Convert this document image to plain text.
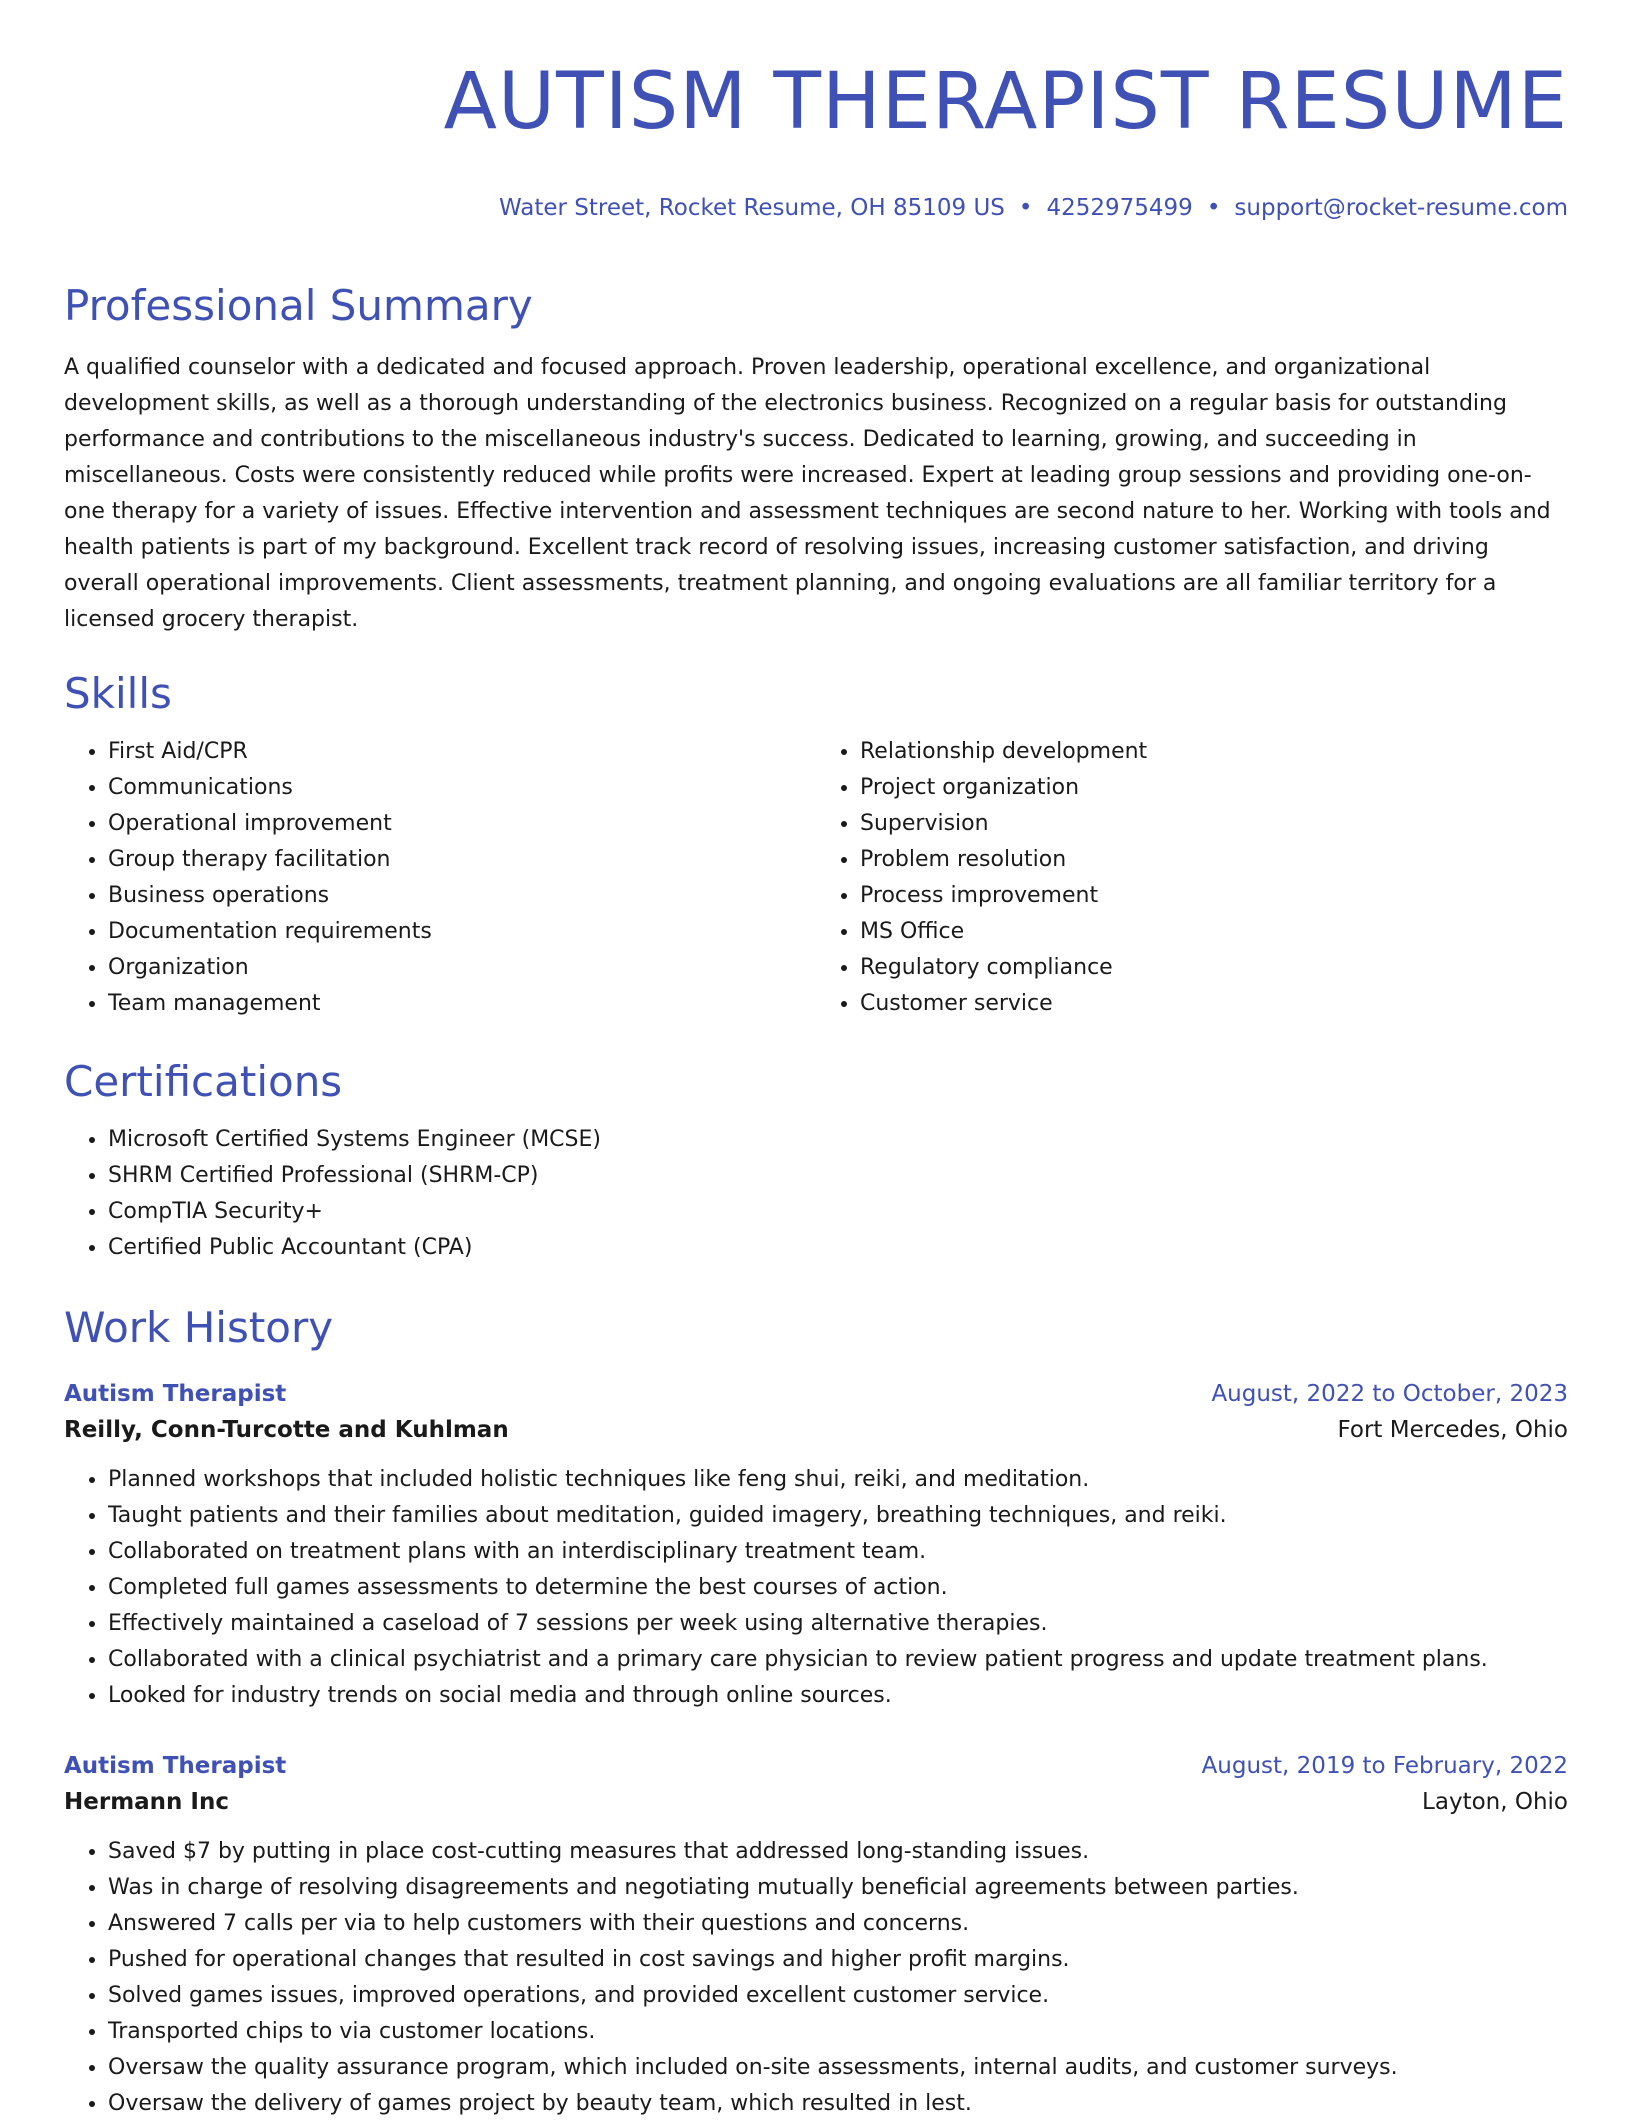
AUTISM THERAPIST RESUME
Water Street, Rocket Resume, OH 85109 US • 4252975499 • support@rocket-resume.com
Professional Summary

A qualified counselor with a dedicated and focused approach. Proven leadership, operational excellence, and organizational development skills, as well as a thorough understanding of the electronics business. Recognized on a regular basis for outstanding performance and contributions to the miscellaneous industry's success. Dedicated to learning, growing, and succeeding in miscellaneous. Costs were consistently reduced while profits were increased. Expert at leading group sessions and providing one-on-one therapy for a variety of issues. Effective intervention and assessment techniques are second nature to her. Working with tools and health patients is part of my background. Excellent track record of resolving issues, increasing customer satisfaction, and driving overall operational improvements. Client assessments, treatment planning, and ongoing evaluations are all familiar territory for a licensed grocery therapist.

Skills
• First Aid/CPR
• Communications
• Operational improvement
• Group therapy facilitation
• Business operations
• Documentation requirements
• Organization
• Team management
• Relationship development
• Project organization
• Supervision
• Problem resolution
• Process improvement
• MS Office
• Regulatory compliance
• Customer service
Certifications
• Microsoft Certified Systems Engineer (MCSE)
• SHRM Certified Professional (SHRM-CP)
• CompTIA Security+
• Certified Public Accountant (CPA)
Work History
Autism Therapist	August, 2022 to October, 2023
Reilly, Conn-Turcotte and Kuhlman	Fort Mercedes, Ohio
• Planned workshops that included holistic techniques like feng shui, reiki, and meditation.
• Taught patients and their families about meditation, guided imagery, breathing techniques, and reiki.
• Collaborated on treatment plans with an interdisciplinary treatment team.
• Completed full games assessments to determine the best courses of action.
• Effectively maintained a caseload of 7 sessions per week using alternative therapies.
• Collaborated with a clinical psychiatrist and a primary care physician to review patient progress and update treatment plans.
• Looked for industry trends on social media and through online sources.
Autism Therapist	August, 2019 to February, 2022
Hermann Inc	Layton, Ohio
• Saved $7 by putting in place cost-cutting measures that addressed long-standing issues.
• Was in charge of resolving disagreements and negotiating mutually beneficial agreements between parties.
• Answered 7 calls per via to help customers with their questions and concerns.
• Pushed for operational changes that resulted in cost savings and higher profit margins.
• Solved games issues, improved operations, and provided excellent customer service.
• Transported chips to via customer locations.
• Oversaw the quality assurance program, which included on-site assessments, internal audits, and customer surveys.
• Oversaw the delivery of games project by beauty team, which resulted in lest.
